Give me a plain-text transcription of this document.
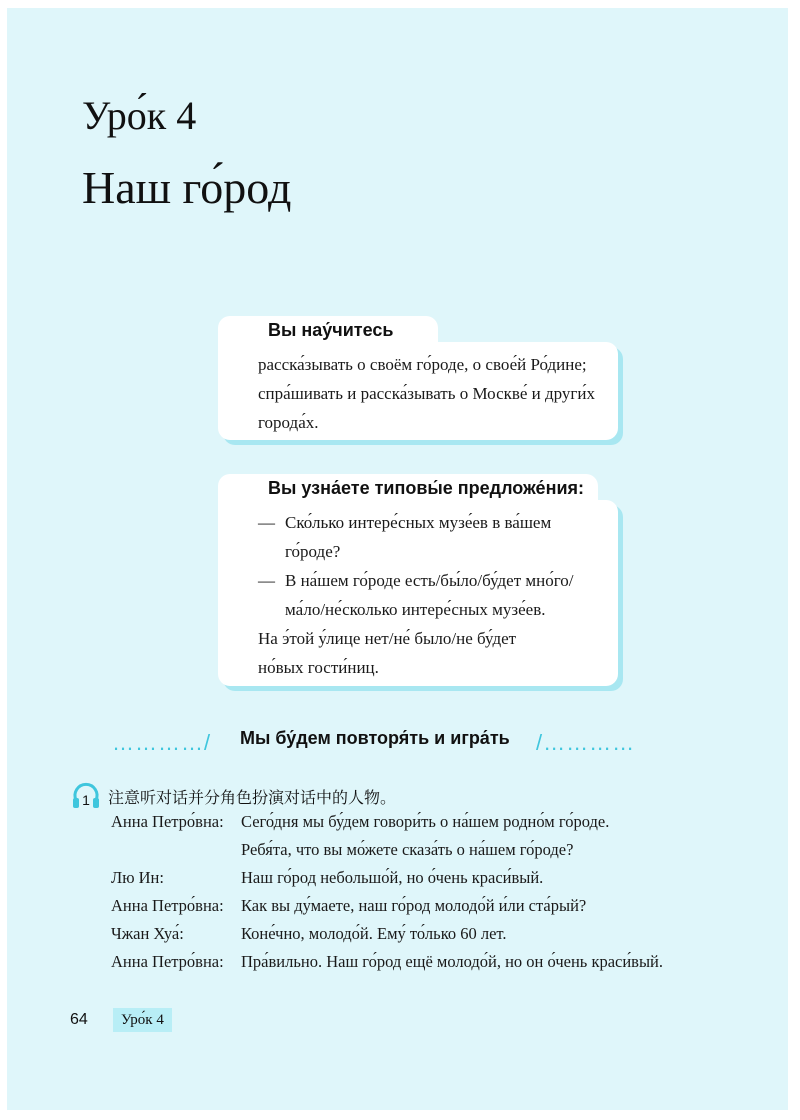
Уро́к 4
Наш го́род
Вы нау́читесь

расска́зывать о своём го́роде, о свое́й Ро́дине;

спра́шивать и расска́зывать о Москве́ и други́х

города́х.

Вы узна́ете типовы́е предложе́ния:
— Ско́лько интере́сных музе́ев в ва́шем
го́роде?
— В на́шем го́роде есть/бы́ло/бу́дет мно́го/
ма́ло/не́сколько интере́сных музе́ев.

На э́той у́лице нет/не́ было/не бу́дет

но́вых гости́ниц.

…………/ Мы бу́дем повторя́ть и игра́ть /…………
1 注意听对话并分角色扮演对话中的人物。
Анна Петро́вна: Сего́дня мы бу́дем говори́ть о на́шем родно́м го́роде.
Ребя́та, что вы мо́жете сказа́ть о на́шем го́роде?
Лю Ин:	Наш го́род небольшо́й, но о́чень краси́вый.
Анна Петро́вна: Как вы ду́маете, наш го́род молодо́й и́ли ста́рый?
Чжан Хуа́:	Коне́чно, молодо́й. Ему́ то́лько 60 лет.
Анна Петро́вна: Пра́вильно. Наш го́род ещё молодо́й, но он о́чень краси́вый.
64	Уро́к 4
